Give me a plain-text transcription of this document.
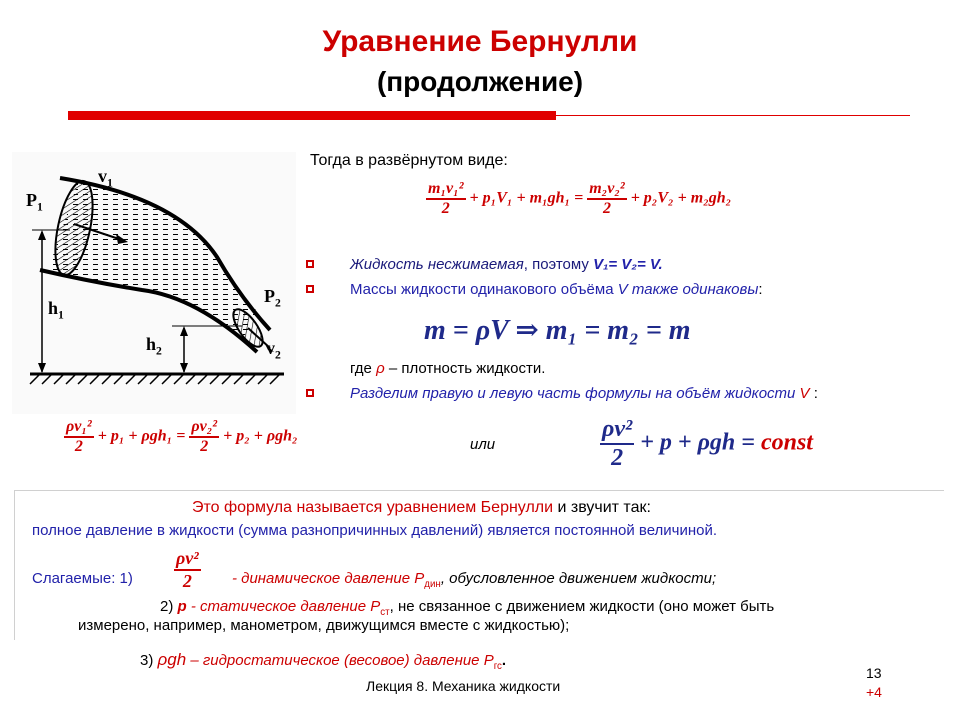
Уравнение Бернулли
(продолжение)
$v_1$
$P_1$
$h_1$
$P_2$
$h_2$	$v_2$
Тогда в развёрнутом виде:
$\frac{\text{m₁v₁²}}{2} + p_1V_1 + m_1gh_1 = \frac{\text{m₂v₂²}}{2} + p_2V_2 + m_2gh_2$
Жидкость несжимаемая, поэтому V₁= V₂= V.
Массы жидкости одинакового объёма V также одинаковы:
m = ρV ⇒ m₁ = m₂ = m
где ρ – плотность жидкости.
Разделим правую и левую часть формулы на объём жидкости V :
$\frac{\text{ρv₁²}}{2} + p_1 + \rho gh_1 = \frac{\text{ρv₂²}}{2} + p_2 + \rho gh_2$	или	$\frac{\text{ρv²}}{2} + p + \rho gh$ = const
Это формула называется уравнением Бернулли и звучит так:
полное давление в жидкости (сумма разнопричинных давлений) является постоянной величиной.
Слагаемые: $1) \frac{\text{ρv²}}{2}$ - динамическое давление $P_{дин}$, обусловленное движением жидкости;
2) p - статическое давление $P_{ст}$, не связанное с движением жидкости (оно может быть
измерено, например, манометром, движущимся вместе с жидкостью);
3) ρgh – гидростатическое (весовое) давление $P_{гс}$.
Лекция 8. Механика жидкости
13
+4
